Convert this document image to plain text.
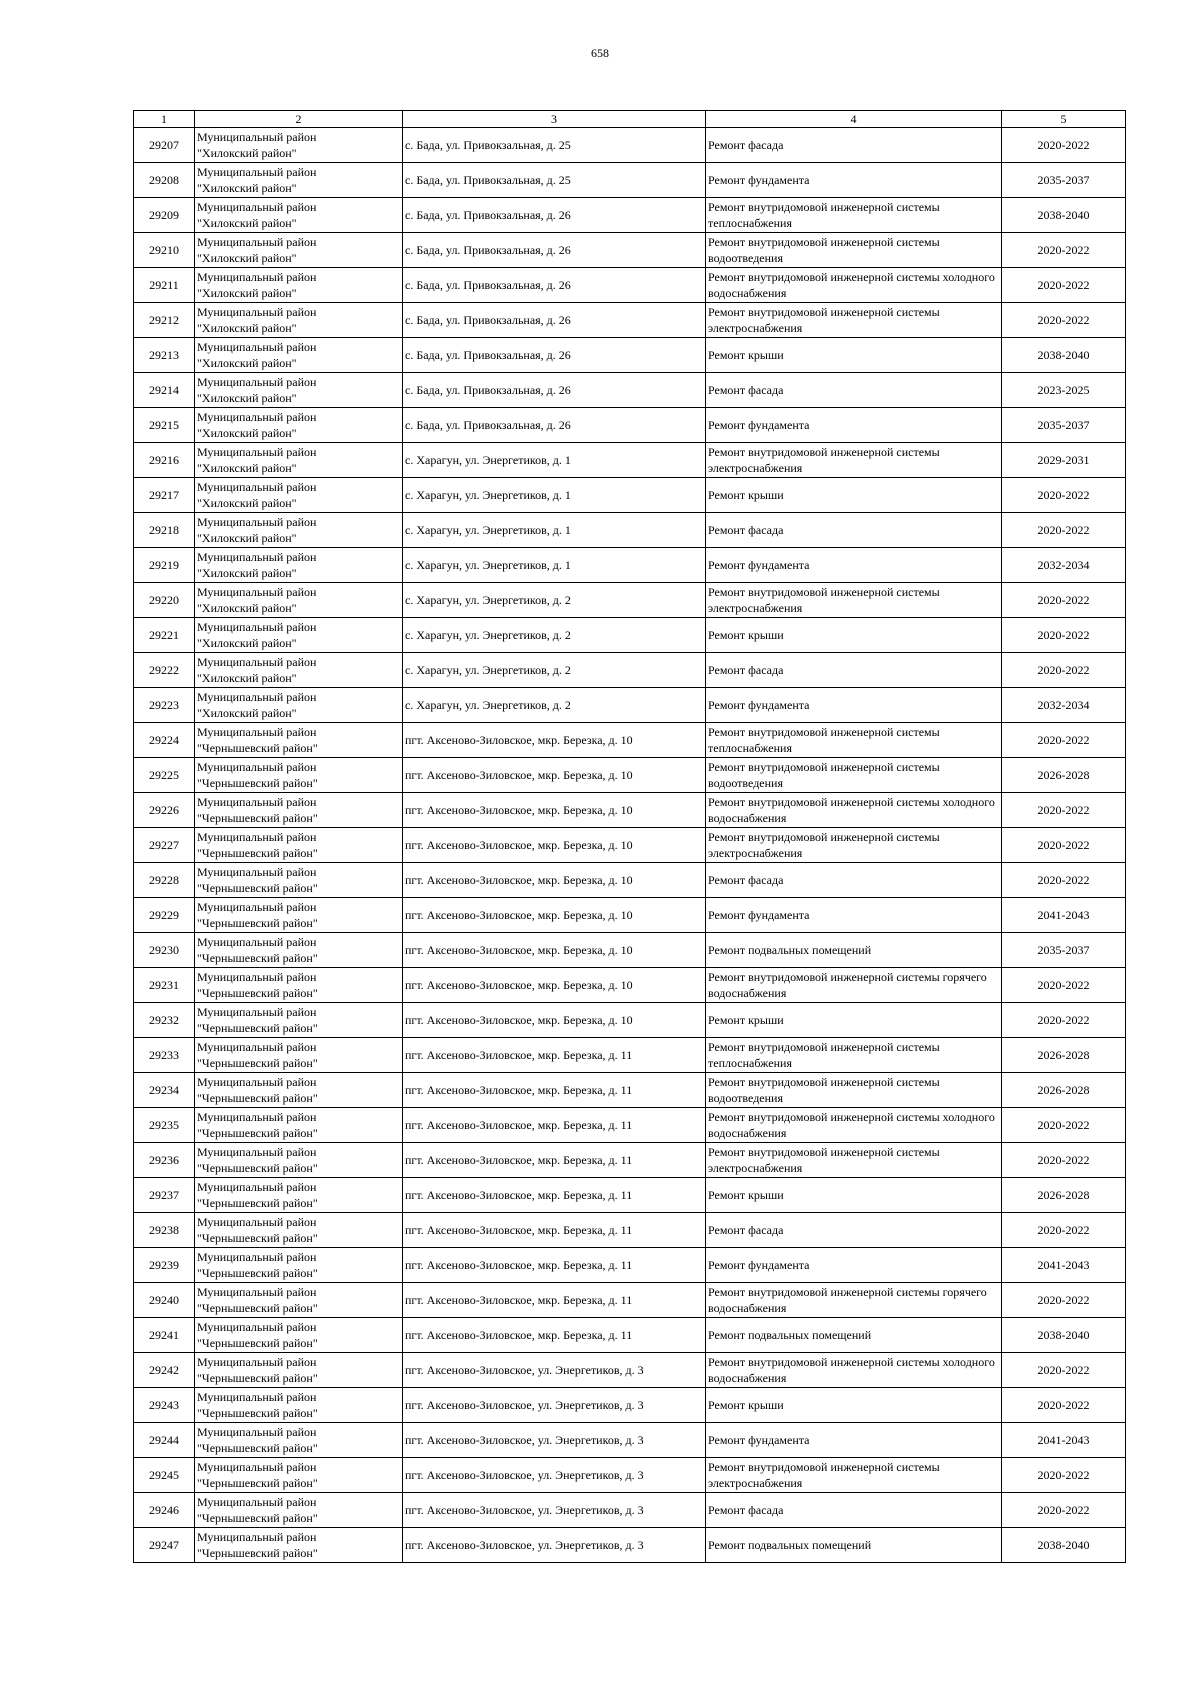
658
1	2	3	4	5
29207	Муниципальный район
"Хилокский район"	с. Бада, ул. Привокзальная, д. 25	Ремонт фасада	2020-2022
29208	Муниципальный район
"Хилокский район"	с. Бада, ул. Привокзальная, д. 25	Ремонт фундамента	2035-2037
29209	Муниципальный район
"Хилокский район"	с. Бада, ул. Привокзальная, д. 26	Ремонт внутридомовой инженерной системы теплоснабжения	2038-2040
29210	Муниципальный район
"Хилокский район"	с. Бада, ул. Привокзальная, д. 26	Ремонт внутридомовой инженерной системы водоотведения	2020-2022
29211	Муниципальный район
"Хилокский район"	с. Бада, ул. Привокзальная, д. 26	Ремонт внутридомовой инженерной системы холодного водоснабжения	2020-2022
29212	Муниципальный район
"Хилокский район"	с. Бада, ул. Привокзальная, д. 26	Ремонт внутридомовой инженерной системы электроснабжения	2020-2022
29213	Муниципальный район
"Хилокский район"	с. Бада, ул. Привокзальная, д. 26	Ремонт крыши	2038-2040
29214	Муниципальный район
"Хилокский район"	с. Бада, ул. Привокзальная, д. 26	Ремонт фасада	2023-2025
29215	Муниципальный район
"Хилокский район"	с. Бада, ул. Привокзальная, д. 26	Ремонт фундамента	2035-2037
29216	Муниципальный район
"Хилокский район"	с. Харагун, ул. Энергетиков, д. 1	Ремонт внутридомовой инженерной системы электроснабжения	2029-2031
29217	Муниципальный район
"Хилокский район"	с. Харагун, ул. Энергетиков, д. 1	Ремонт крыши	2020-2022
29218	Муниципальный район
"Хилокский район"	с. Харагун, ул. Энергетиков, д. 1	Ремонт фасада	2020-2022
29219	Муниципальный район
"Хилокский район"	с. Харагун, ул. Энергетиков, д. 1	Ремонт фундамента	2032-2034
29220	Муниципальный район
"Хилокский район"	с. Харагун, ул. Энергетиков, д. 2	Ремонт внутридомовой инженерной системы электроснабжения	2020-2022
29221	Муниципальный район
"Хилокский район"	с. Харагун, ул. Энергетиков, д. 2	Ремонт крыши	2020-2022
29222	Муниципальный район
"Хилокский район"	с. Харагун, ул. Энергетиков, д. 2	Ремонт фасада	2020-2022
29223	Муниципальный район
"Хилокский район"	с. Харагун, ул. Энергетиков, д. 2	Ремонт фундамента	2032-2034
29224	Муниципальный район
"Чернышевский район"	пгт. Аксеново-Зиловское, мкр. Березка, д. 10	Ремонт внутридомовой инженерной системы теплоснабжения	2020-2022
29225	Муниципальный район
"Чернышевский район"	пгт. Аксеново-Зиловское, мкр. Березка, д. 10	Ремонт внутридомовой инженерной системы водоотведения	2026-2028
29226	Муниципальный район
"Чернышевский район"	пгт. Аксеново-Зиловское, мкр. Березка, д. 10	Ремонт внутридомовой инженерной системы холодного водоснабжения	2020-2022
29227	Муниципальный район
"Чернышевский район"	пгт. Аксеново-Зиловское, мкр. Березка, д. 10	Ремонт внутридомовой инженерной системы электроснабжения	2020-2022
29228	Муниципальный район
"Чернышевский район"	пгт. Аксеново-Зиловское, мкр. Березка, д. 10	Ремонт фасада	2020-2022
29229	Муниципальный район
"Чернышевский район"	пгт. Аксеново-Зиловское, мкр. Березка, д. 10	Ремонт фундамента	2041-2043
29230	Муниципальный район
"Чернышевский район"	пгт. Аксеново-Зиловское, мкр. Березка, д. 10	Ремонт подвальных помещений	2035-2037
29231	Муниципальный район
"Чернышевский район"	пгт. Аксеново-Зиловское, мкр. Березка, д. 10	Ремонт внутридомовой инженерной системы горячего водоснабжения	2020-2022
29232	Муниципальный район
"Чернышевский район"	пгт. Аксеново-Зиловское, мкр. Березка, д. 10	Ремонт крыши	2020-2022
29233	Муниципальный район
"Чернышевский район"	пгт. Аксеново-Зиловское, мкр. Березка, д. 11	Ремонт внутридомовой инженерной системы теплоснабжения	2026-2028
29234	Муниципальный район
"Чернышевский район"	пгт. Аксеново-Зиловское, мкр. Березка, д. 11	Ремонт внутридомовой инженерной системы водоотведения	2026-2028
29235	Муниципальный район
"Чернышевский район"	пгт. Аксеново-Зиловское, мкр. Березка, д. 11	Ремонт внутридомовой инженерной системы холодного водоснабжения	2020-2022
29236	Муниципальный район
"Чернышевский район"	пгт. Аксеново-Зиловское, мкр. Березка, д. 11	Ремонт внутридомовой инженерной системы электроснабжения	2020-2022
29237	Муниципальный район
"Чернышевский район"	пгт. Аксеново-Зиловское, мкр. Березка, д. 11	Ремонт крыши	2026-2028
29238	Муниципальный район
"Чернышевский район"	пгт. Аксеново-Зиловское, мкр. Березка, д. 11	Ремонт фасада	2020-2022
29239	Муниципальный район
"Чернышевский район"	пгт. Аксеново-Зиловское, мкр. Березка, д. 11	Ремонт фундамента	2041-2043
29240	Муниципальный район
"Чернышевский район"	пгт. Аксеново-Зиловское, мкр. Березка, д. 11	Ремонт внутридомовой инженерной системы горячего водоснабжения	2020-2022
29241	Муниципальный район
"Чернышевский район"	пгт. Аксеново-Зиловское, мкр. Березка, д. 11	Ремонт подвальных помещений	2038-2040
29242	Муниципальный район
"Чернышевский район"	пгт. Аксеново-Зиловское, ул. Энергетиков, д. 3	Ремонт внутридомовой инженерной системы холодного водоснабжения	2020-2022
29243	Муниципальный район
"Чернышевский район"	пгт. Аксеново-Зиловское, ул. Энергетиков, д. 3	Ремонт крыши	2020-2022
29244	Муниципальный район
"Чернышевский район"	пгт. Аксеново-Зиловское, ул. Энергетиков, д. 3	Ремонт фундамента	2041-2043
29245	Муниципальный район
"Чернышевский район"	пгт. Аксеново-Зиловское, ул. Энергетиков, д. 3	Ремонт внутридомовой инженерной системы электроснабжения	2020-2022
29246	Муниципальный район
"Чернышевский район"	пгт. Аксеново-Зиловское, ул. Энергетиков, д. 3	Ремонт фасада	2020-2022
29247	Муниципальный район
"Чернышевский район"	пгт. Аксеново-Зиловское, ул. Энергетиков, д. 3	Ремонт подвальных помещений	2038-2040
